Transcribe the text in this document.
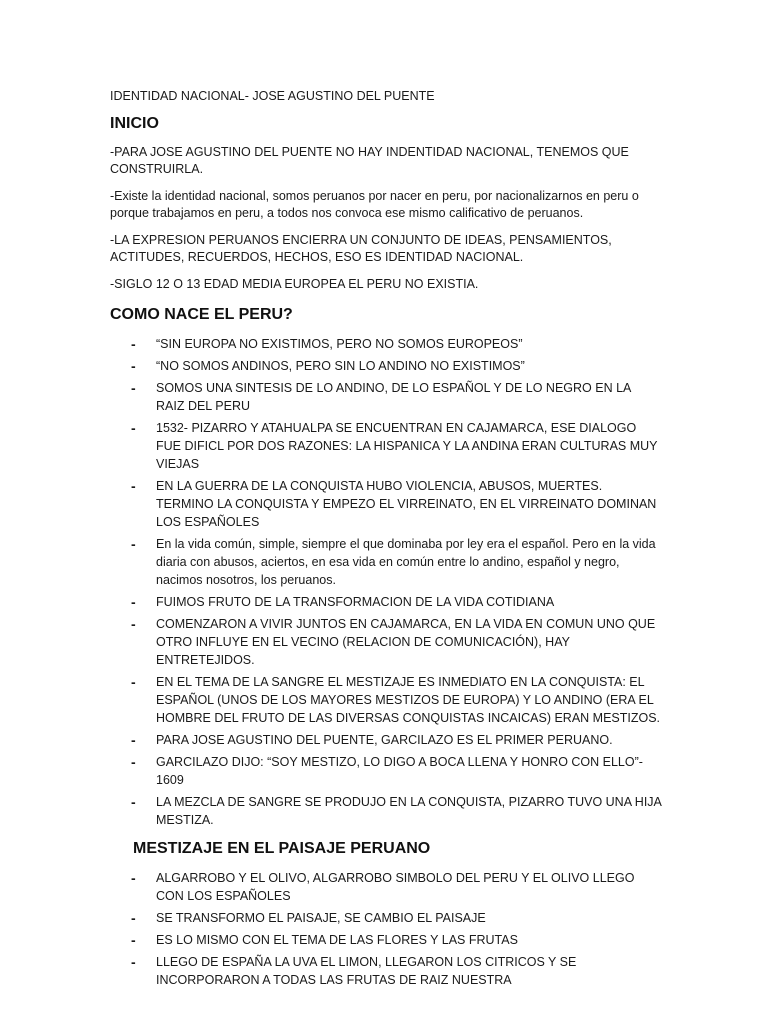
IDENTIDAD NACIONAL- JOSE AGUSTINO DEL PUENTE
INICIO

-PARA JOSE AGUSTINO DEL PUENTE NO HAY INDENTIDAD NACIONAL, TENEMOS QUE CONSTRUIRLA.

-Existe la identidad nacional, somos peruanos por nacer en peru, por nacionalizarnos en peru o porque trabajamos en peru, a todos nos convoca ese mismo calificativo de peruanos.

-LA EXPRESION PERUANOS ENCIERRA UN CONJUNTO DE IDEAS, PENSAMIENTOS, ACTITUDES, RECUERDOS, HECHOS, ESO ES IDENTIDAD NACIONAL.

-SIGLO 12 O 13 EDAD MEDIA EUROPEA EL PERU NO EXISTIA.

COMO NACE EL PERU?
- “SIN EUROPA NO EXISTIMOS, PERO NO SOMOS EUROPEOS”
- “NO SOMOS ANDINOS, PERO SIN LO ANDINO NO EXISTIMOS”
- SOMOS UNA SINTESIS DE LO ANDINO, DE LO ESPAÑOL Y DE LO NEGRO EN LA RAIZ DEL PERU
- 1532- PIZARRO Y ATAHUALPA SE ENCUENTRAN EN CAJAMARCA, ESE DIALOGO FUE DIFICL POR DOS RAZONES: LA HISPANICA Y LA ANDINA ERAN CULTURAS MUY VIEJAS
- EN LA GUERRA DE LA CONQUISTA HUBO VIOLENCIA, ABUSOS, MUERTES. TERMINO LA CONQUISTA Y EMPEZO EL VIRREINATO, EN EL VIRREINATO DOMINAN LOS ESPAÑOLES
- En la vida común, simple, siempre el que dominaba por ley era el español. Pero en la vida diaria con abusos, aciertos, en esa vida en común entre lo andino, español y negro, nacimos nosotros, los peruanos.
- FUIMOS FRUTO DE LA TRANSFORMACION DE LA VIDA COTIDIANA
- COMENZARON A VIVIR JUNTOS EN CAJAMARCA, EN LA VIDA EN COMUN UNO QUE OTRO INFLUYE EN EL VECINO (RELACION DE COMUNICACIÓN), HAY ENTRETEJIDOS.
- EN EL TEMA DE LA SANGRE EL MESTIZAJE ES INMEDIATO EN LA CONQUISTA: EL ESPAÑOL (UNOS DE LOS MAYORES MESTIZOS DE EUROPA) Y LO ANDINO (ERA EL HOMBRE DEL FRUTO DE LAS DIVERSAS CONQUISTAS INCAICAS) ERAN MESTIZOS.
- PARA JOSE AGUSTINO DEL PUENTE, GARCILAZO ES EL PRIMER PERUANO.
- GARCILAZO DIJO: “SOY MESTIZO, LO DIGO A BOCA LLENA Y HONRO CON ELLO”- 1609
- LA MEZCLA DE SANGRE SE PRODUJO EN LA CONQUISTA, PIZARRO TUVO UNA HIJA MESTIZA.
MESTIZAJE EN EL PAISAJE PERUANO
- ALGARROBO Y EL OLIVO, ALGARROBO SIMBOLO DEL PERU Y EL OLIVO LLEGO CON LOS ESPAÑOLES
- SE TRANSFORMO EL PAISAJE, SE CAMBIO EL PAISAJE
- ES LO MISMO CON EL TEMA DE LAS FLORES Y LAS FRUTAS
- LLEGO DE ESPAÑA LA UVA EL LIMON, LLEGARON LOS CITRICOS Y SE INCORPORARON A TODAS LAS FRUTAS DE RAIZ NUESTRA
